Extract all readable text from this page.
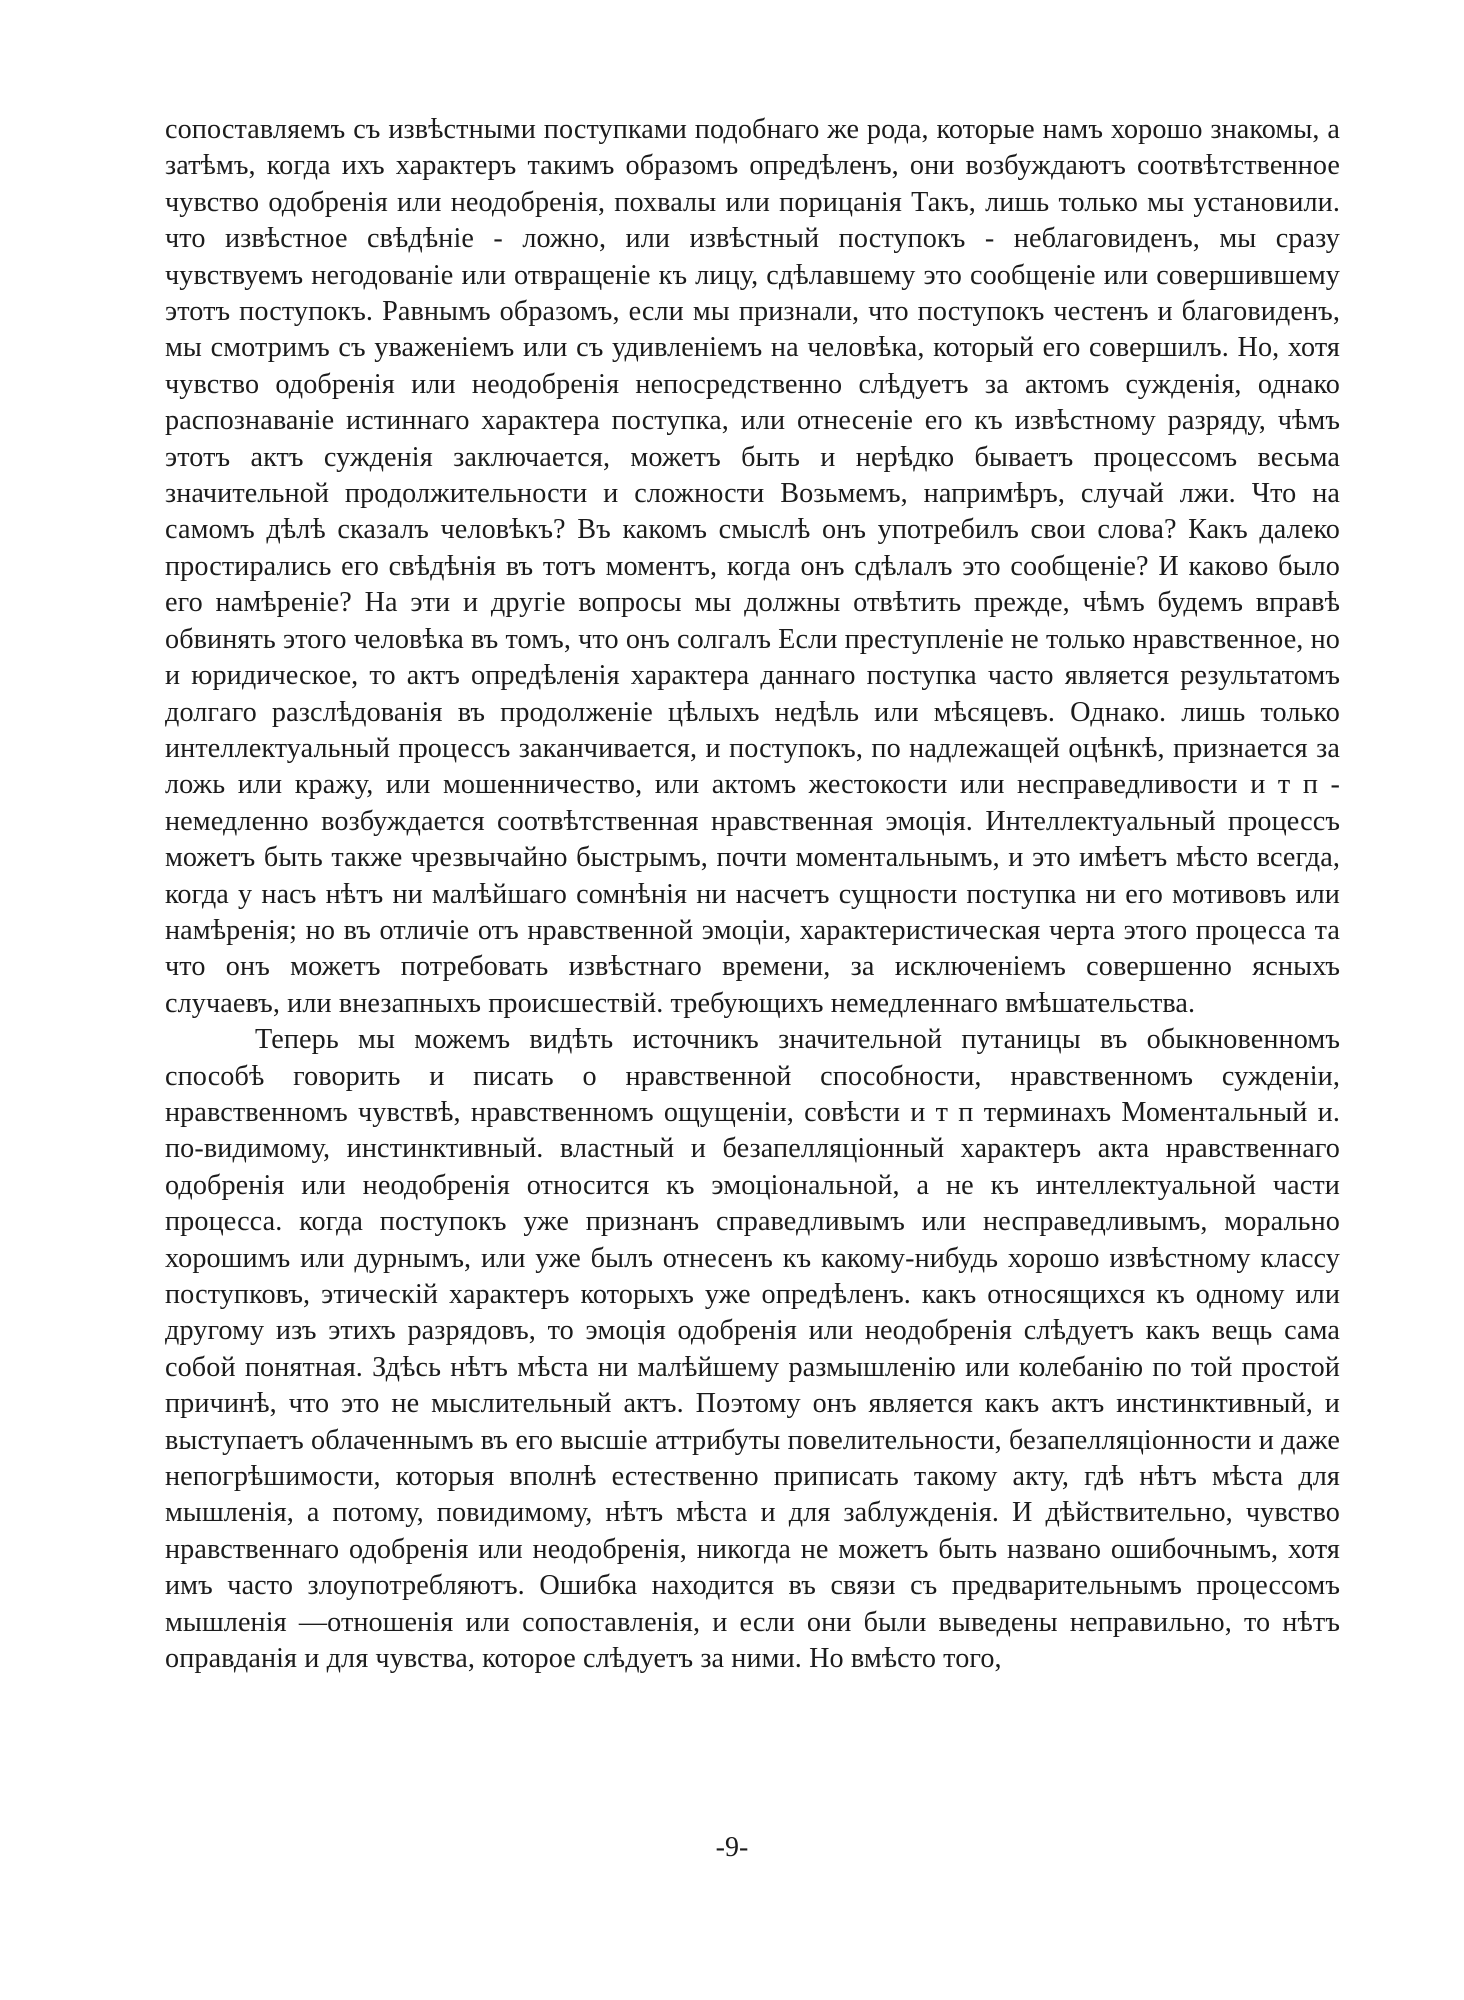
сопоставляемъ съ извѣстными поступками подобнаго же рода, которые намъ хорошо знакомы, а затѣмъ, когда ихъ характеръ такимъ образомъ опредѣленъ, они возбуждаютъ соотвѣтственное чувство одобренія или неодобренія, похвалы или порицанія Такъ, лишь только мы установили. что извѣстное свѣдѣніе - ложно, или извѣстный поступокъ - неблаговиденъ, мы сразу чувствуемъ негодованіе или отвращеніе къ лицу, сдѣлавшему это сообщеніе или совершившему этотъ поступокъ. Равнымъ образомъ, если мы признали, что поступокъ честенъ и благовиденъ, мы смотримъ съ уваженіемъ или съ удивленіемъ на человѣка, который его совершилъ. Но, хотя чувство одобренія или неодобренія непосредственно слѣдуетъ за актомъ сужденія, однако распознаваніе истиннаго характера поступка, или отнесеніе его къ извѣстному разряду, чѣмъ этотъ актъ сужденія заключается, можетъ быть и нерѣдко бываетъ процессомъ весьма значительной продолжительности и сложности Возьмемъ, напримѣръ, случай лжи. Что на самомъ дѣлѣ сказалъ человѣкъ? Въ какомъ смыслѣ онъ употребилъ свои слова? Какъ далеко простирались его свѣдѣнія въ тотъ моментъ, когда онъ сдѣлалъ это сообщеніе? И каково было его намѣреніе? На эти и другіе вопросы мы должны отвѣтить прежде, чѣмъ будемъ вправѣ обвинять этого человѣка въ томъ, что онъ солгалъ Если преступленіе не только нравственное, но и юридическое, то актъ опредѣленія характера даннаго поступка часто является результатомъ долгаго разслѣдованія въ продолженіе цѣлыхъ недѣль или мѣсяцевъ. Однако. лишь только интеллектуальный процессъ заканчивается, и поступокъ, по надлежащей оцѣнкѣ, признается за ложь или кражу, или мошенничество, или актомъ жестокости или несправедливости и т п - немедленно возбуждается соотвѣтственная нравственная эмоція. Интеллектуальный процессъ можетъ быть также чрезвычайно быстрымъ, почти моментальнымъ, и это имѣетъ мѣсто всегда, когда у насъ нѣтъ ни малѣйшаго сомнѣнія ни насчетъ сущности поступка ни его мотивовъ или намѣренія; но въ отличіе отъ нравственной эмоціи, характеристическая черта этого процесса та что онъ можетъ потребовать извѣстнаго времени, за исключеніемъ совершенно ясныхъ случаевъ, или внезапныхъ происшествій. требующихъ немедленнаго вмѣшательства.

Теперь мы можемъ видѣть источникъ значительной путаницы въ обыкновенномъ способѣ говорить и писать о нравственной способности, нравственномъ сужденіи, нравственномъ чувствѣ, нравственномъ ощущеніи, совѣсти и т п терминахъ Моментальный и. по-видимому, инстинктивный. властный и безапелляціонный характеръ акта нравственнаго одобренія или неодобренія относится къ эмоціональной, а не къ интеллектуальной части процесса. когда поступокъ уже признанъ справедливымъ или несправедливымъ, морально хорошимъ или дурнымъ, или уже былъ отнесенъ къ какому-нибудь хорошо извѣстному классу поступковъ, этическій характеръ которыхъ уже опредѣленъ. какъ относящихся къ одному или другому изъ этихъ разрядовъ, то эмоція одобренія или неодобренія слѣдуетъ какъ вещь сама собой понятная. Здѣсь нѣтъ мѣста ни малѣйшему размышленію или колебанію по той простой причинѣ, что это не мыслительный актъ. Поэтому онъ является какъ актъ инстинктивный, и выступаетъ облаченнымъ въ его высшіе аттрибуты повелительности, безапелляціонности и даже непогрѣшимости, которыя вполнѣ естественно приписать такому акту, гдѣ нѣтъ мѣста для мышленія, а потому, повидимому, нѣтъ мѣста и для заблужденія. И дѣйствительно, чувство нравственнаго одобренія или неодобренія, никогда не можетъ быть названо ошибочнымъ, хотя имъ часто злоупотребляютъ. Ошибка находится въ связи съ предварительнымъ процессомъ мышленія —отношенія или сопоставленія, и если они были выведены неправильно, то нѣтъ оправданія и для чувства, которое слѣдуетъ за ними. Но вмѣсто того,

-9-
